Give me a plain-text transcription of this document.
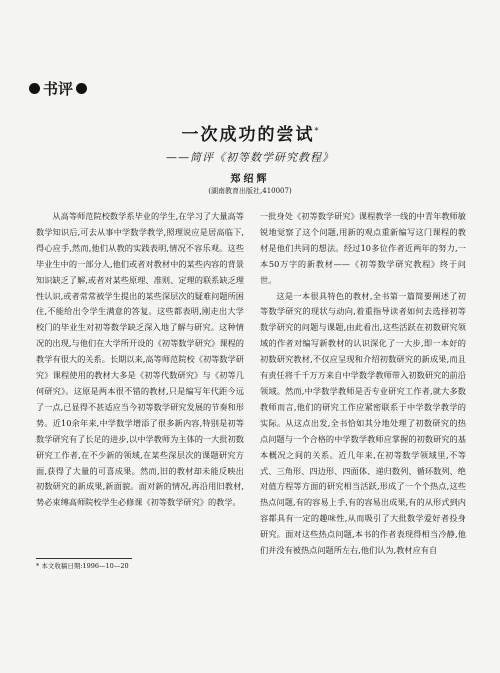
书评
一次成功的尝试*
——简评《初等数学研究教程》
郑绍辉
(湖南教育出版社,410007)

从高等师范院校数学系毕业的学生,在学习了大量高等数学知识后,可去从事中学数学教学,照理说应是居高临下,得心应手,然而,他们从教的实践表明,情况不容乐观。这些毕业生中的一部分人,他们或者对教材中的某些内容的背景知识缺乏了解,或者对某些原理、准则、定理的联系缺乏理性认识,或者常常被学生提出的某些深层次的疑难问题所困住,不能给出令学生满意的答复。这些都表明,刚走出大学校门的毕业生对初等数学缺乏深入地了解与研究。这种情况的出现,与他们在大学所开设的《初等数学研究》课程的教学有很大的关系。长期以来,高等师范院校《初等数学研究》课程使用的教材大多是《初等代数研究》与《初等几何研究》。这原是两本很不错的教材,只是编写年代距今远了一点,已显得不甚适应当今初等数学研究发展的节奏和形势。近10余年来,中学数学增添了很多新内容,特别是初等数学研究有了长足的进步,以中学教师为主体的一大批初数研究工作者,在不少新的领域,在某些深层次的课题研究方面,获得了大量的可喜成果。然而,旧的教材却未能反映出初数研究的新成果,新面貌。面对新的情况,再沿用旧教材,势必束缚高师院校学生必修课《初等数学研究》的教学。

一批身处《初等数学研究》课程教学一线的中青年教师敏锐地觉察了这个问题,用新的观点重新编写这门课程的教材是他们共同的想法。经过10多位作者近两年的努力,一本50万字的新教材——《初等数学研究教程》终于问世。

这是一本很具特色的教材,全书第一篇简要阐述了初等数学研究的现状与动向,着重指导读者如何去选择初等数学研究的问题与课题,由此看出,这些活跃在初数研究领域的作者对编写新教材的认识深化了一大步,即一本好的初数研究教材,不仅应呈现和介绍初数研究的新成果,而且有责任将千千万万来自中学数学教师带入初数研究的前沿领域。然而,中学数学教师是否专业研究工作者,就大多数教师而言,他们的研究工作应紧密联系于中学数学教学的实际。从这点出发,全书恰如其分地处理了初数研究的热点问题与一个合格的中学数学教师应掌握的初数研究的基本概况之间的关系。近几年来,在初等数学领域里,不等式、三角形、四边形、四面体、递归数列、循环数列、绝对值方程等方面的研究相当活跃,形成了一个个热点,这些热点问题,有的容易上手,有的容易出成果,有的从形式到内容都具有一定的趣味性,从而吸引了大批数学爱好者投身研究。面对这些热点问题,本书的作者表现得相当冷静,他们并没有被热点问题所左右,他们认为,教材应有自

* 本文收稿日期:1996—10—20
